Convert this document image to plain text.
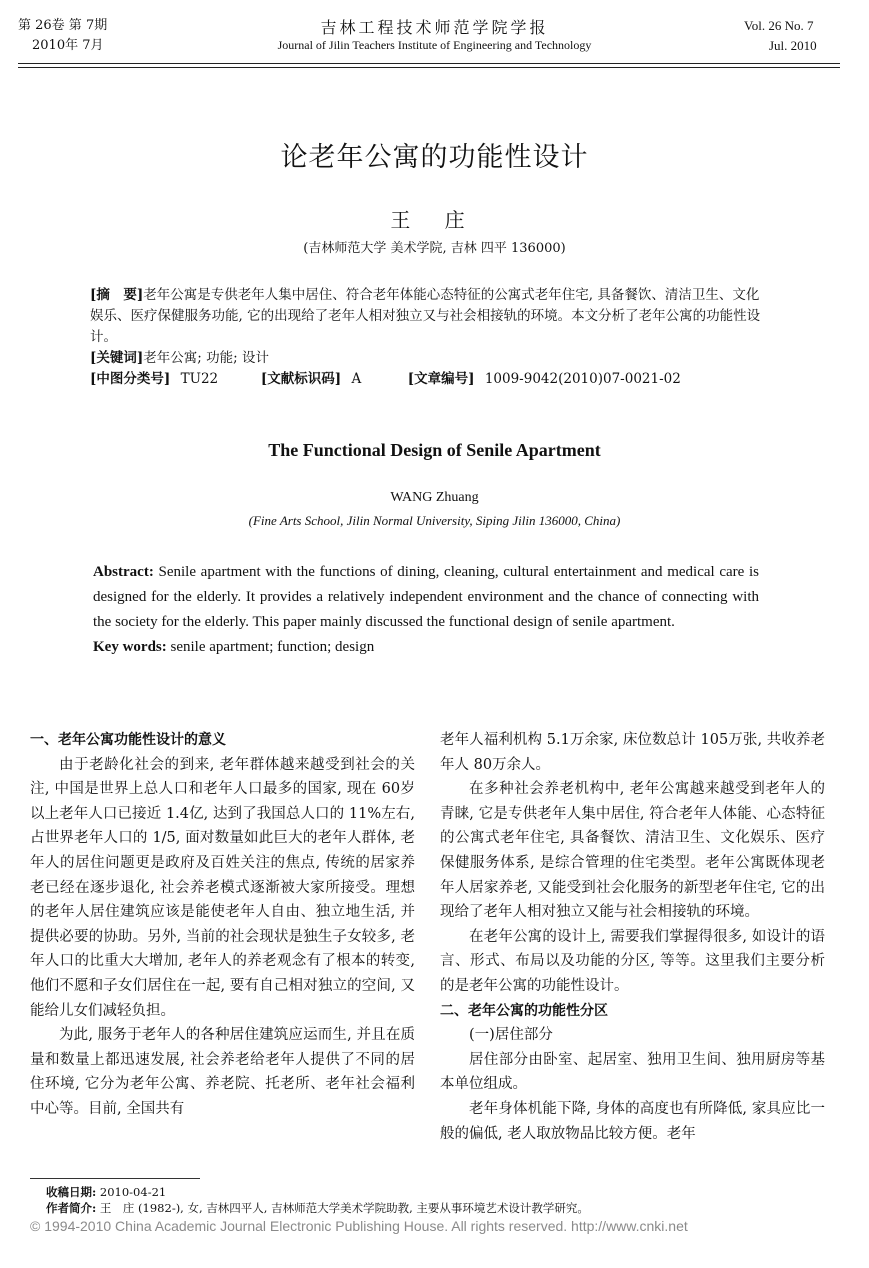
第 26卷 第 7期
2010年 7月
吉林工程技术师范学院学报
Journal of Jilin Teachers Institute of Engineering and Technology
Vol. 26 No. 7
Jul. 2010
论老年公寓的功能性设计
王 庄
(吉林师范大学 美术学院, 吉林 四平 136000)

[摘　要]老年公寓是专供老年人集中居住、符合老年体能心态特征的公寓式老年住宅, 具备餐饮、清洁卫生、文化娱乐、医疗保健服务功能, 它的出现给了老年人相对独立又与社会相接轨的环境。本文分析了老年公寓的功能性设计。

[关键词]老年公寓; 功能; 设计

[中图分类号] TU22	[文献标识码] A	[文章编号] 1009-9042(2010)07-0021-02

The Functional Design of Senile Apartment
WANG Zhuang
(Fine Arts School, Jilin Normal University, Siping Jilin 136000, China)

Abstract: Senile apartment with the functions of dining, cleaning, cultural entertainment and medical care is designed for the elderly. It provides a relatively independent environment and the chance of connecting with the society for the elderly. This paper mainly discussed the functional design of senile apartment.

Key words: senile apartment; function; design

一、老年公寓功能性设计的意义

由于老龄化社会的到来, 老年群体越来越受到社会的关注, 中国是世界上总人口和老年人口最多的国家, 现在 60岁以上老年人口已接近 1.4亿, 达到了我国总人口的 11%左右, 占世界老年人口的 1/5, 面对数量如此巨大的老年人群体, 老年人的居住问题更是政府及百姓关注的焦点, 传统的居家养老已经在逐步退化, 社会养老模式逐渐被大家所接受。理想的老年人居住建筑应该是能使老年人自由、独立地生活, 并提供必要的协助。另外, 当前的社会现状是独生子女较多, 老年人口的比重大大增加, 老年人的养老观念有了根本的转变, 他们不愿和子女们居住在一起, 要有自己相对独立的空间, 又能给儿女们减轻负担。

为此, 服务于老年人的各种居住建筑应运而生, 并且在质量和数量上都迅速发展, 社会养老给老年人提供了不同的居住环境, 它分为老年公寓、养老院、托老所、老年社会福利中心等。目前, 全国共有

老年人福利机构 5.1万余家, 床位数总计 105万张, 共收养老年人 80万余人。

在多种社会养老机构中, 老年公寓越来越受到老年人的青睐, 它是专供老年人集中居住, 符合老年人体能、心态特征的公寓式老年住宅, 具备餐饮、清洁卫生、文化娱乐、医疗保健服务体系, 是综合管理的住宅类型。老年公寓既体现老年人居家养老, 又能受到社会化服务的新型老年住宅, 它的出现给了老年人相对独立又能与社会相接轨的环境。

在老年公寓的设计上, 需要我们掌握得很多, 如设计的语言、形式、布局以及功能的分区, 等等。这里我们主要分析的是老年公寓的功能性设计。

二、老年公寓的功能性分区

(一)居住部分

居住部分由卧室、起居室、独用卫生间、独用厨房等基本单位组成。

老年身体机能下降, 身体的高度也有所降低, 家具应比一般的偏低, 老人取放物品比较方便。老年

收稿日期: 2010-04-21
作者简介: 王　庄 (1982-), 女, 吉林四平人, 吉林师范大学美术学院助教, 主要从事环境艺术设计教学研究。
© 1994-2010 China Academic Journal Electronic Publishing House. All rights reserved. http://www.cnki.net
